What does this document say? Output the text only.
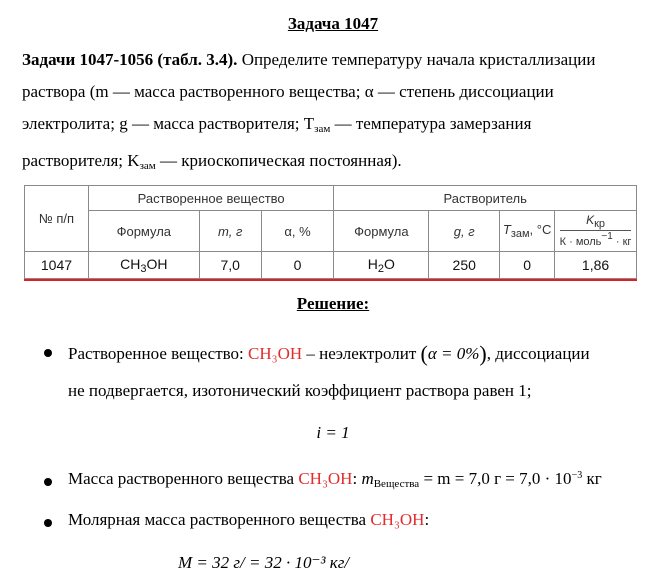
Задача 1047
Задачи 1047-1056 (табл. 3.4). Определите температуру начала кристаллизации
раствора (m — масса растворенного вещества; α — степень диссоциации
электролита; g — масса растворителя; $T_{зам}$ — температура замерзания
растворителя; $K_{зам}$ — криоскопическая постоянная).
№ п/п	Растворенное вещество			Растворитель			
	Формула	m, г	α, %	Формула	g, г	$T_{зам}$, °С	$\frac{\text{Kкр}}{\text{К · моль−1 · кг}}$

1047	$CH_3OH$	7,0	0	$H_2O$	250	0	1,86
Решение:
Растворенное вещество: CH₃OH – неэлектролит (α = 0%), диссоциации
не подвергается, изотонический коэффициент раствора равен 1;
i = 1
Масса растворенного вещества CH₃OH: $m_{Вещества} = m = 7,0$ $г = 7,0 \cdot 10^{-3}$ кг
Молярная масса растворенного вещества CH₃OH:
M = 32 г/ = 32 · 10⁻³ кг/
